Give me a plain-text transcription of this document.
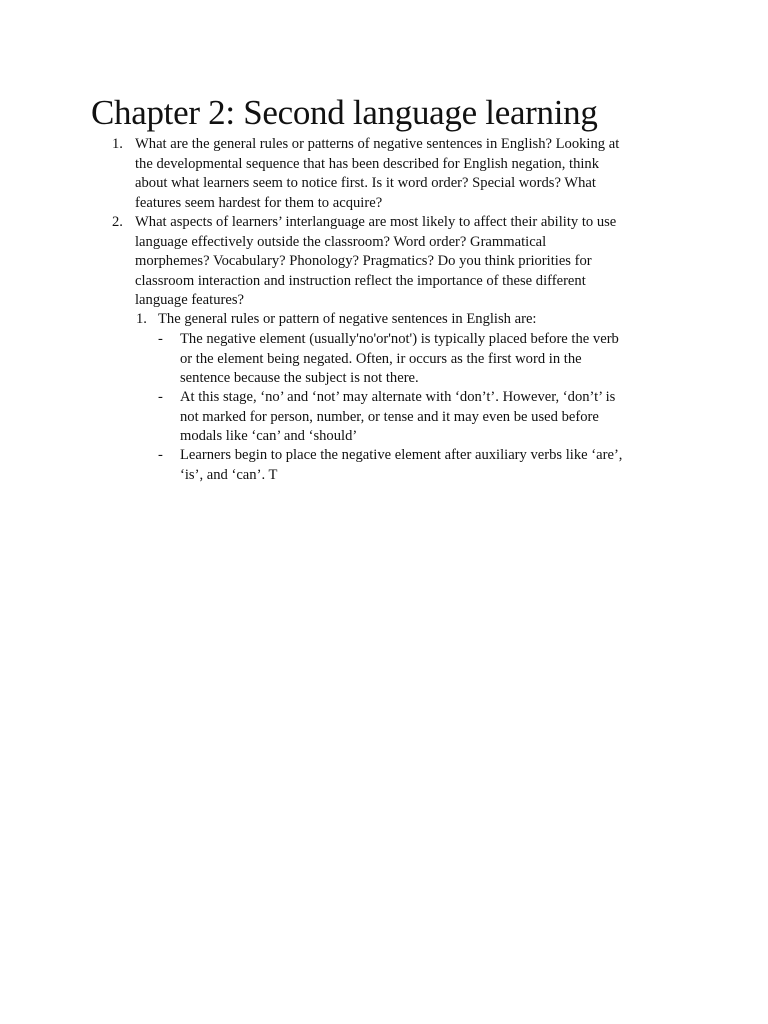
Chapter 2: Second language learning
1. What are the general rules or patterns of negative sentences in English? Looking at
the developmental sequence that has been described for English negation, think
about what learners seem to notice first. Is it word order? Special words? What
features seem hardest for them to acquire?
2. What aspects of learners’ interlanguage are most likely to affect their ability to use
language effectively outside the classroom? Word order? Grammatical
morphemes? Vocabulary? Phonology? Pragmatics? Do you think priorities for
classroom interaction and instruction reflect the importance of these different
language features?
1. The general rules or pattern of negative sentences in English are:
- The negative element (usually'no'or'not') is typically placed before the verb
or the element being negated. Often, ir occurs as the first word in the
sentence because the subject is not there.
- At this stage, ‘no’ and ‘not’ may alternate with ‘don’t’. However, ‘don’t’ is
not marked for person, number, or tense and it may even be used before
modals like ‘can’ and ‘should’
- Learners begin to place the negative element after auxiliary verbs like ‘are’,
‘is’, and ‘can’. T
